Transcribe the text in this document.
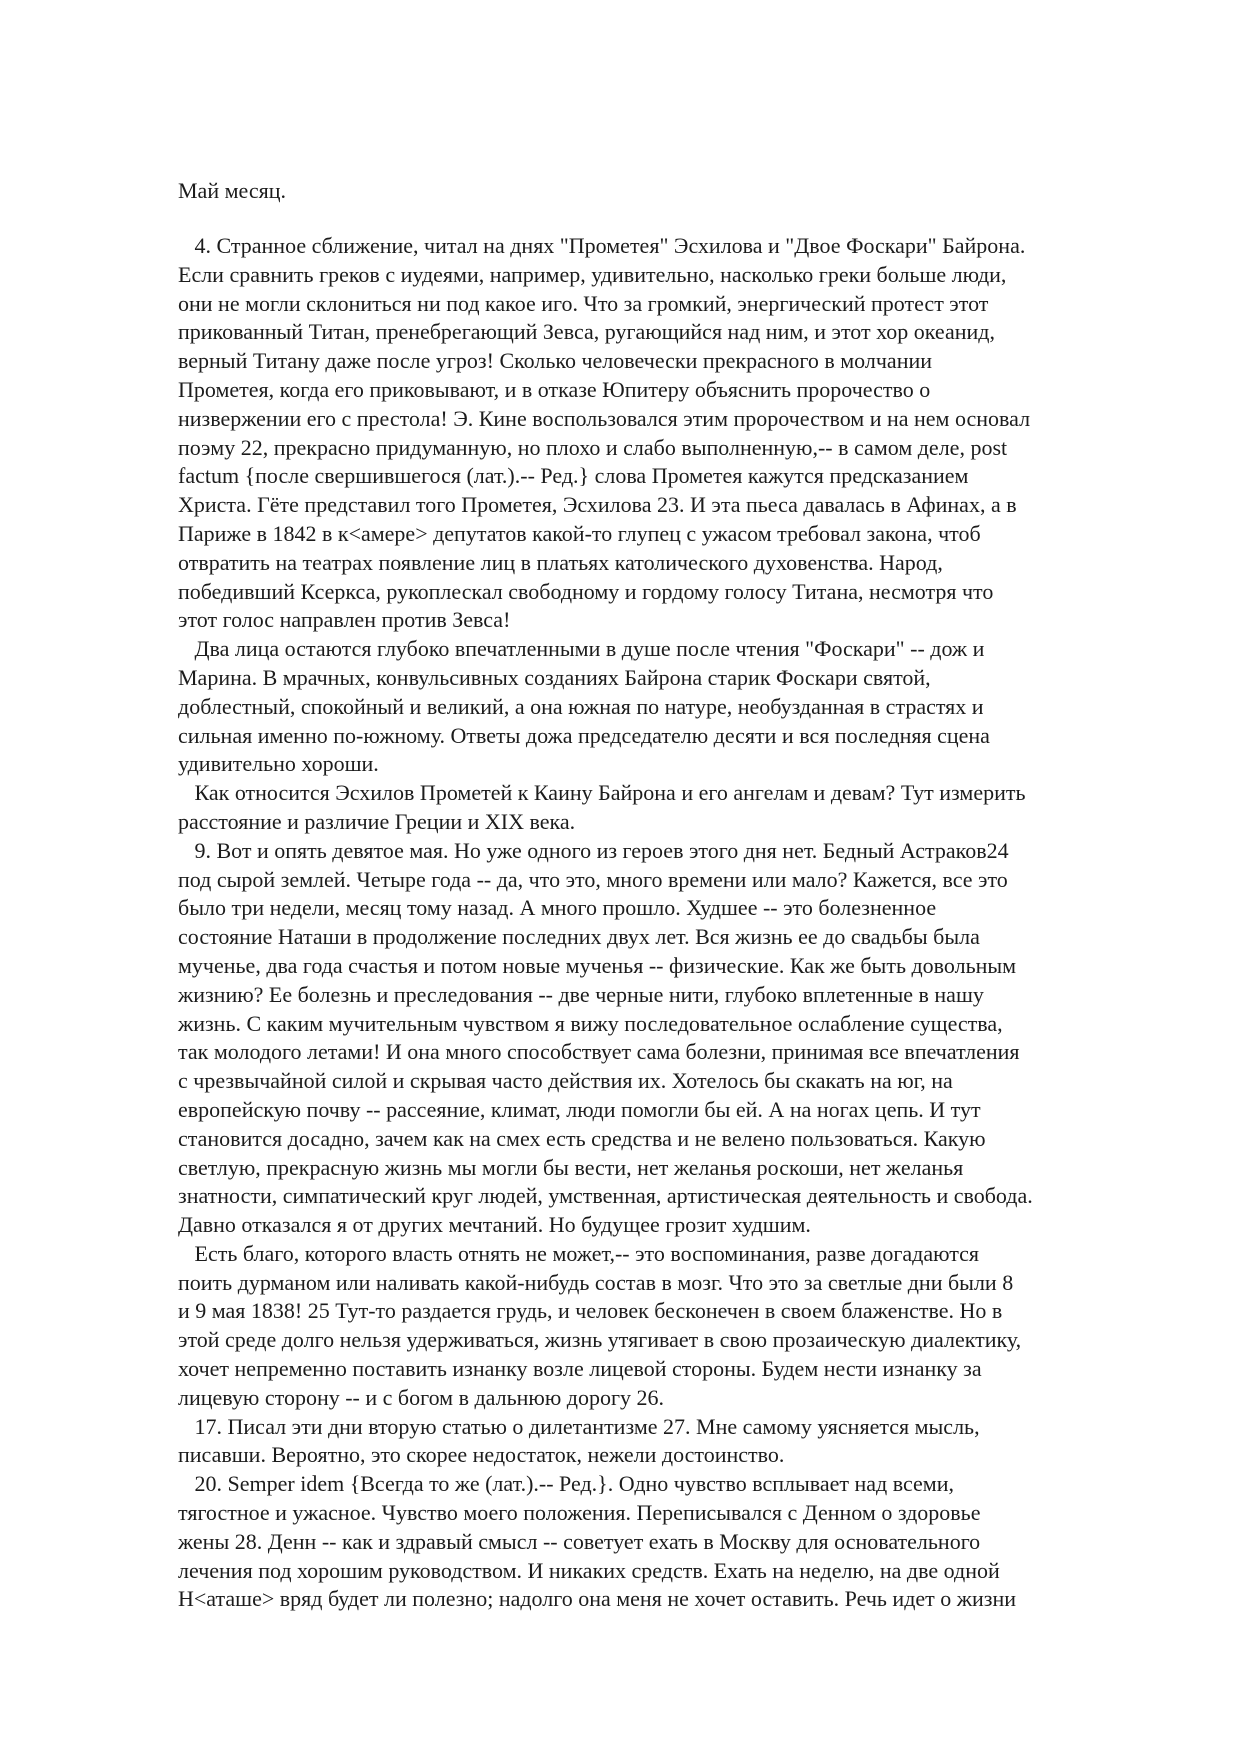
Май месяц.
4. Странное сближение, читал на днях "Прометея" Эсхилова и "Двое Фоскари" Байрона.
Если сравнить греков с иудеями, например, удивительно, насколько греки больше люди,
они не могли склониться ни под какое иго. Что за громкий, энергический протест этот
прикованный Титан, пренебрегающий Зевса, ругающийся над ним, и этот хор океанид,
верный Титану даже после угроз! Сколько человечески прекрасного в молчании
Прометея, когда его приковывают, и в отказе Юпитеру объяснить пророчество о
низвержении его с престола! Э. Кине воспользовался этим пророчеством и на нем основал
поэму 22, прекрасно придуманную, но плохо и слабо выполненную,-- в самом деле, post
factum {после свершившегося (лат.).-- Ред.} слова Прометея кажутся предсказанием
Христа. Гёте представил того Прометея, Эсхилова 23. И эта пьеса давалась в Афинах, а в
Париже в 1842 в к<амере> депутатов какой-то глупец с ужасом требовал закона, чтоб
отвратить на театрах появление лиц в платьях католического духовенства. Народ,
победивший Ксеркса, рукоплескал свободному и гордому голосу Титана, несмотря что
этот голос направлен против Зевса!
Два лица остаются глубоко впечатленными в душе после чтения "Фоскари" -- дож и
Марина. В мрачных, конвульсивных созданиях Байрона старик Фоскари святой,
доблестный, спокойный и великий, а она южная по натуре, необузданная в страстях и
сильная именно по-южному. Ответы дожа председателю десяти и вся последняя сцена
удивительно хороши.
Как относится Эсхилов Прометей к Каину Байрона и его ангелам и девам? Тут измерить
расстояние и различие Греции и XIX века.
9. Вот и опять девятое мая. Но уже одного из героев этого дня нет. Бедный Астраков24
под сырой землей. Четыре года -- да, что это, много времени или мало? Кажется, все это
было три недели, месяц тому назад. А много прошло. Худшее -- это болезненное
состояние Наташи в продолжение последних двух лет. Вся жизнь ее до свадьбы была
мученье, два года счастья и потом новые мученья -- физические. Как же быть довольным
жизнию? Ее болезнь и преследования -- две черные нити, глубоко вплетенные в нашу
жизнь. С каким мучительным чувством я вижу последовательное ослабление существа,
так молодого летами! И она много способствует сама болезни, принимая все впечатления
с чрезвычайной силой и скрывая часто действия их. Хотелось бы скакать на юг, на
европейскую почву -- рассеяние, климат, люди помогли бы ей. А на ногах цепь. И тут
становится досадно, зачем как на смех есть средства и не велено пользоваться. Какую
светлую, прекрасную жизнь мы могли бы вести, нет желанья роскоши, нет желанья
знатности, симпатический круг людей, умственная, артистическая деятельность и свобода.
Давно отказался я от других мечтаний. Но будущее грозит худшим.
Есть благо, которого власть отнять не может,-- это воспоминания, разве догадаются
поить дурманом или наливать какой-нибудь состав в мозг. Что это за светлые дни были 8
и 9 мая 1838! 25 Тут-то раздается грудь, и человек бесконечен в своем блаженстве. Но в
этой среде долго нельзя удерживаться, жизнь утягивает в свою прозаическую диалектику,
хочет непременно поставить изнанку возле лицевой стороны. Будем нести изнанку за
лицевую сторону -- и с богом в дальнюю дорогу 26.
17. Писал эти дни вторую статью о дилетантизме 27. Мне самому уясняется мысль,
писавши. Вероятно, это скорее недостаток, нежели достоинство.
20. Semper idem {Всегда то же (лат.).-- Ред.}. Одно чувство всплывает над всеми,
тягостное и ужасное. Чувство моего положения. Переписывался с Денном о здоровье
жены 28. Денн -- как и здравый смысл -- советует ехать в Москву для основательного
лечения под хорошим руководством. И никаких средств. Ехать на неделю, на две одной
Н<аташе> вряд будет ли полезно; надолго она меня не хочет оставить. Речь идет о жизни
